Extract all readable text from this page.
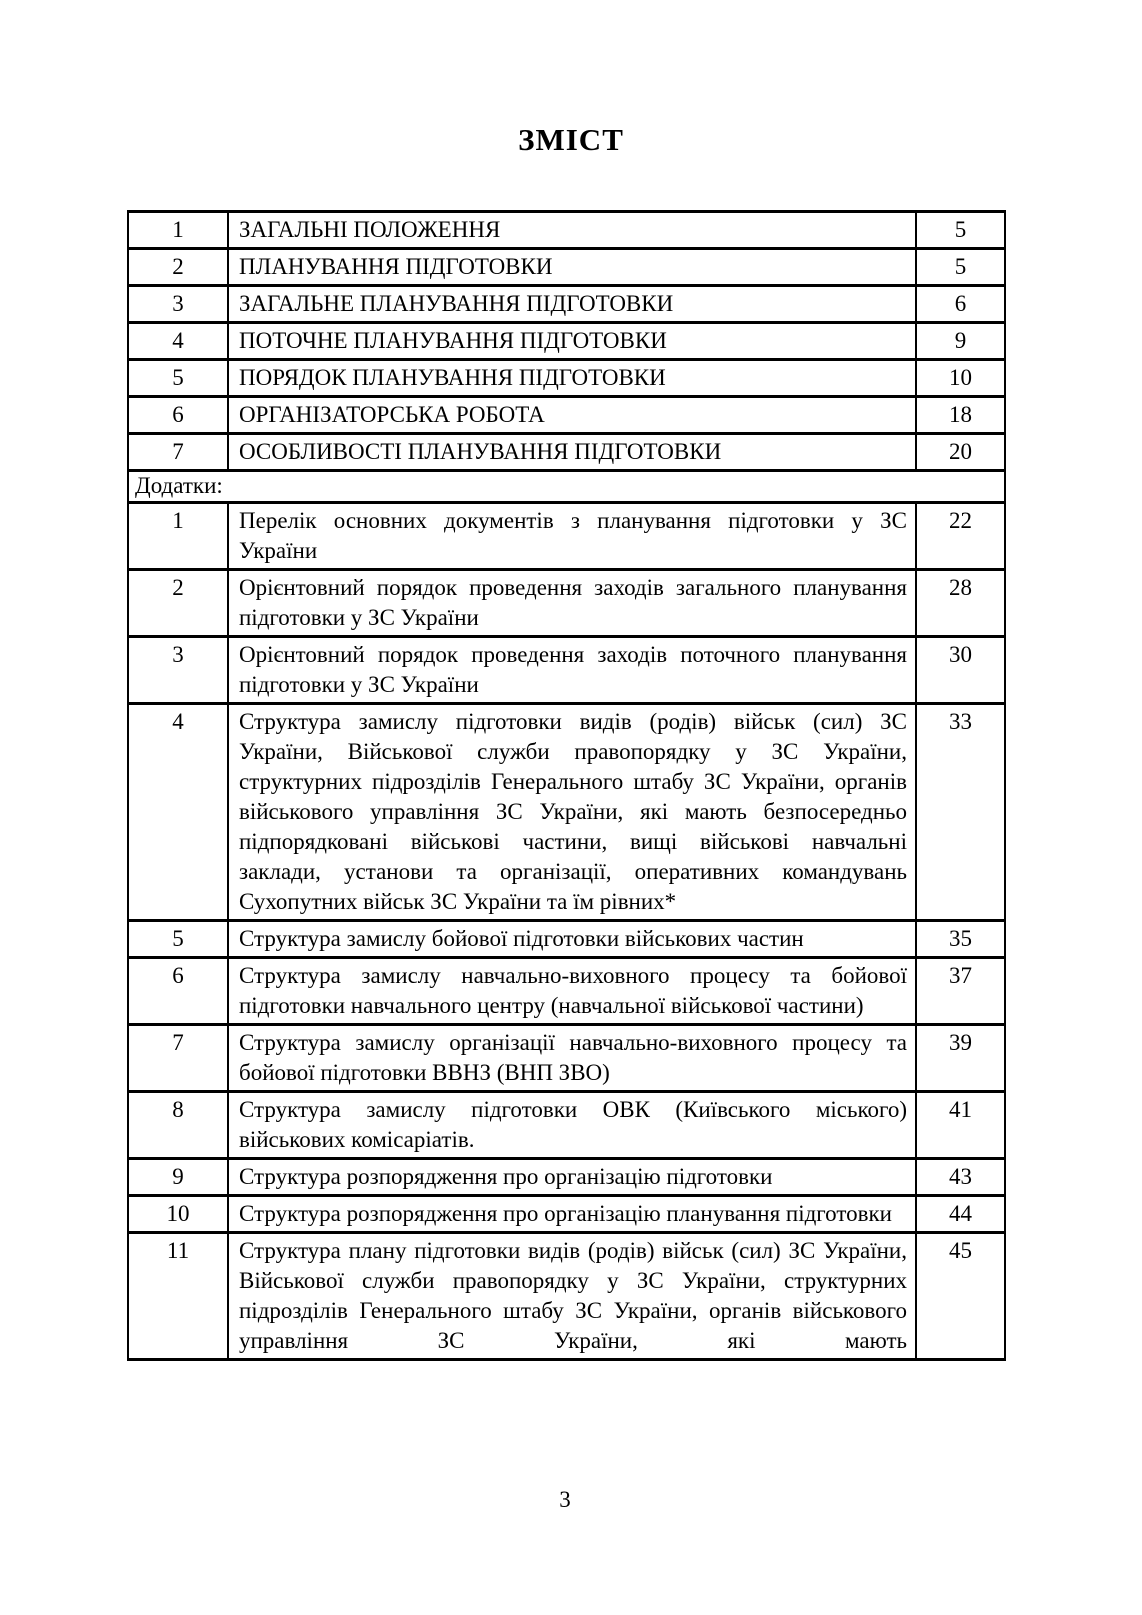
ЗМІСТ
1	ЗАГАЛЬНІ ПОЛОЖЕННЯ	5
2	ПЛАНУВАННЯ ПІДГОТОВКИ	5
3	ЗАГАЛЬНЕ ПЛАНУВАННЯ ПІДГОТОВКИ	6
4	ПОТОЧНЕ ПЛАНУВАННЯ ПІДГОТОВКИ	9
5	ПОРЯДОК ПЛАНУВАННЯ ПІДГОТОВКИ	10
6	ОРГАНІЗАТОРСЬКА РОБОТА	18
7	ОСОБЛИВОСТІ ПЛАНУВАННЯ ПІДГОТОВКИ	20
Додатки:		
1	Перелік основних документів з планування підготовки у ЗС України	22
2	Орієнтовний порядок проведення заходів загального планування підготовки у ЗС України	28
3	Орієнтовний порядок проведення заходів поточного планування підготовки у ЗС України	30
4	Структура замислу підготовки видів (родів) військ (сил) ЗС України, Військової служби правопорядку у ЗС України, структурних підрозділів Генерального штабу ЗС України, органів військового управління ЗС України, які мають безпосередньо підпорядковані військові частини, вищі військові навчальні заклади, установи та організації, оперативних командувань Сухопутних військ ЗС України та їм рівних*	33
5	Структура замислу бойової підготовки військових частин	35
6	Структура замислу навчально-виховного процесу та бойової підготовки навчального центру (навчальної військової частини)	37
7	Структура замислу організації навчально-виховного процесу та бойової підготовки ВВНЗ (ВНП ЗВО)	39
8	Структура замислу підготовки ОВК (Київського міського) військових комісаріатів.	41
9	Структура розпорядження про організацію підготовки	43
10	Структура розпорядження про організацію планування підготовки	44
11	Структура плану підготовки видів (родів) військ (сил) ЗС України, Військової служби правопорядку у ЗС України, структурних підрозділів Генерального штабу ЗС України, органів військового управління ЗС України, які мають	45
3
